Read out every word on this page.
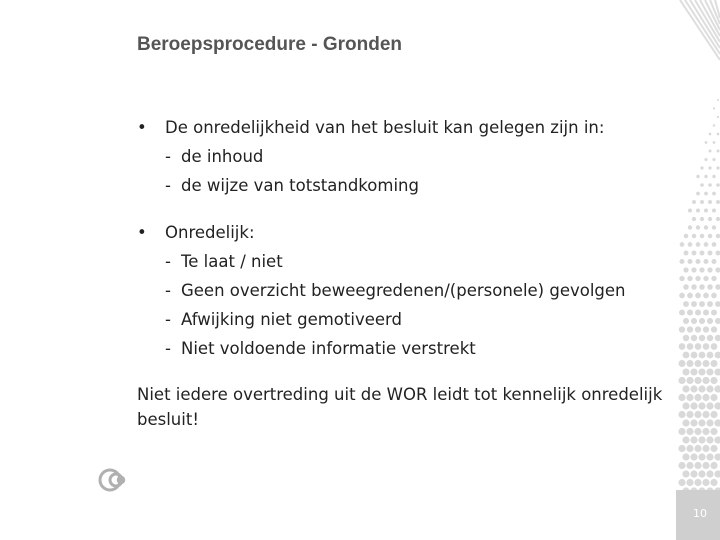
Beroepsprocedure - Gronden
• De onredelijkheid van het besluit kan gelegen zijn in:
- de inhoud
- de wijze van totstandkoming
• Onredelijk:
- Te laat / niet
- Geen overzicht beweegredenen/(personele) gevolgen
- Afwijking niet gemotiveerd
- Niet voldoende informatie verstrekt
Niet iedere overtreding uit de WOR leidt tot kennelijk onredelijk besluit!
10
